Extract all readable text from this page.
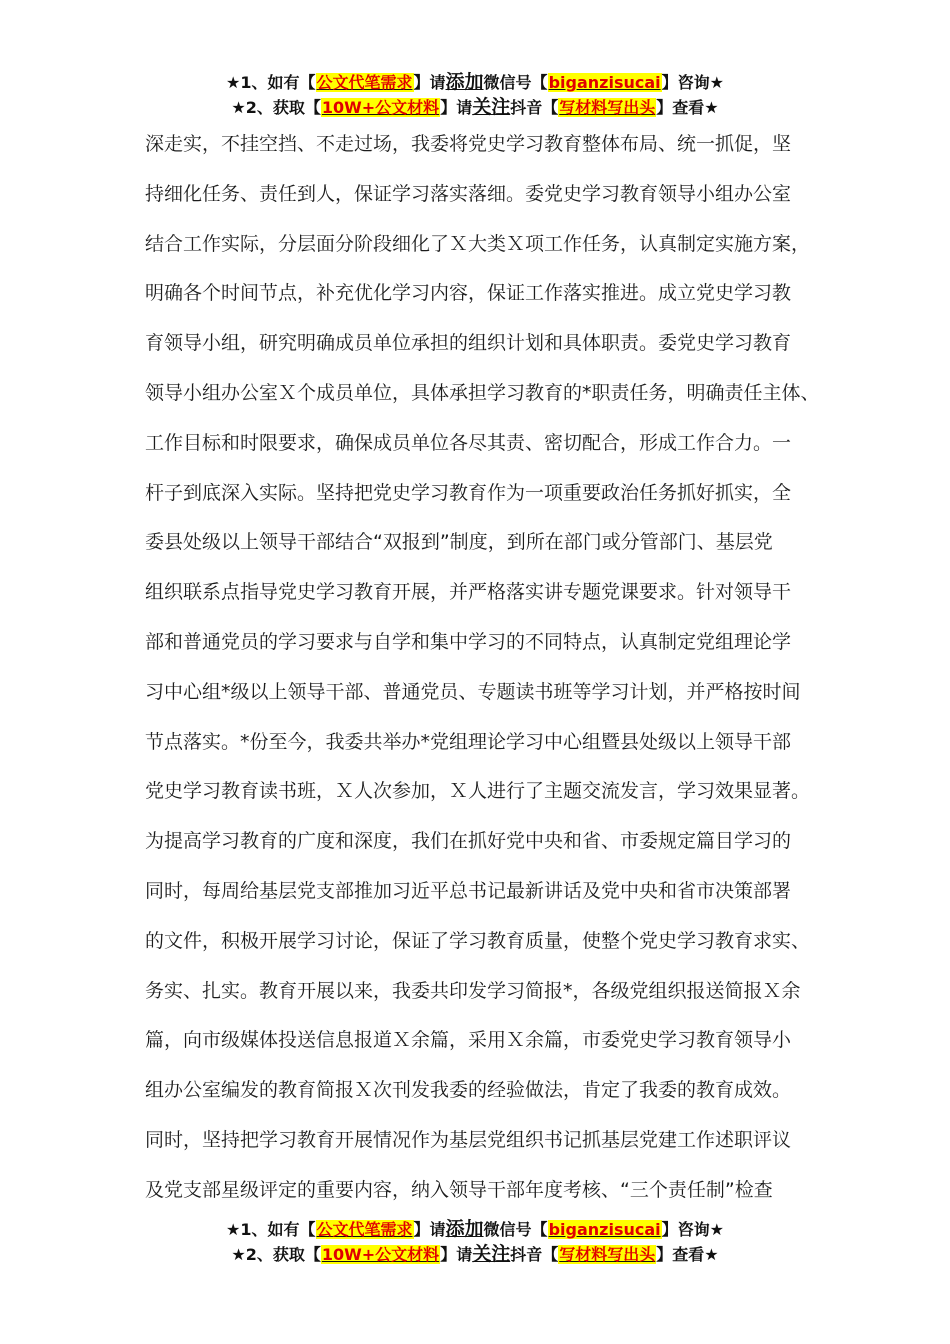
★1、如有【公文代笔需求】请添加微信号【biganzisucai】咨询★
★2、获取【10W+公文材料】请关注抖音【写材料写出头】查看★
深走实，不挂空挡、不走过场，我委将党史学习教育整体布局、统一抓促，坚
持细化任务、责任到人，保证学习落实落细。委党史学习教育领导小组办公室
结合工作实际，分层面分阶段细化了Ｘ大类Ｘ项工作任务，认真制定实施方案，
明确各个时间节点，补充优化学习内容，保证工作落实推进。成立党史学习教
育领导小组，研究明确成员单位承担的组织计划和具体职责。委党史学习教育
领导小组办公室Ｘ个成员单位，具体承担学习教育的*职责任务，明确责任主体、
工作目标和时限要求，确保成员单位各尽其责、密切配合，形成工作合力。一
杆子到底深入实际。坚持把党史学习教育作为一项重要政治任务抓好抓实，全
委县处级以上领导干部结合“双报到”制度，到所在部门或分管部门、基层党
组织联系点指导党史学习教育开展，并严格落实讲专题党课要求。针对领导干
部和普通党员的学习要求与自学和集中学习的不同特点，认真制定党组理论学
习中心组*级以上领导干部、普通党员、专题读书班等学习计划，并严格按时间
节点落实。*份至今，我委共举办*党组理论学习中心组暨县处级以上领导干部
党史学习教育读书班，Ｘ人次参加，Ｘ人进行了主题交流发言，学习效果显著。
为提高学习教育的广度和深度，我们在抓好党中央和省、市委规定篇目学习的
同时，每周给基层党支部推加习近平总书记最新讲话及党中央和省市决策部署
的文件，积极开展学习讨论，保证了学习教育质量，使整个党史学习教育求实、
务实、扎实。教育开展以来，我委共印发学习简报*，各级党组织报送简报Ｘ余
篇，向市级媒体投送信息报道Ｘ余篇，采用Ｘ余篇，市委党史学习教育领导小
组办公室编发的教育简报Ｘ次刊发我委的经验做法，肯定了我委的教育成效。
同时，坚持把学习教育开展情况作为基层党组织书记抓基层党建工作述职评议
及党支部星级评定的重要内容，纳入领导干部年度考核、“三个责任制”检查
★1、如有【公文代笔需求】请添加微信号【biganzisucai】咨询★
★2、获取【10W+公文材料】请关注抖音【写材料写出头】查看★
